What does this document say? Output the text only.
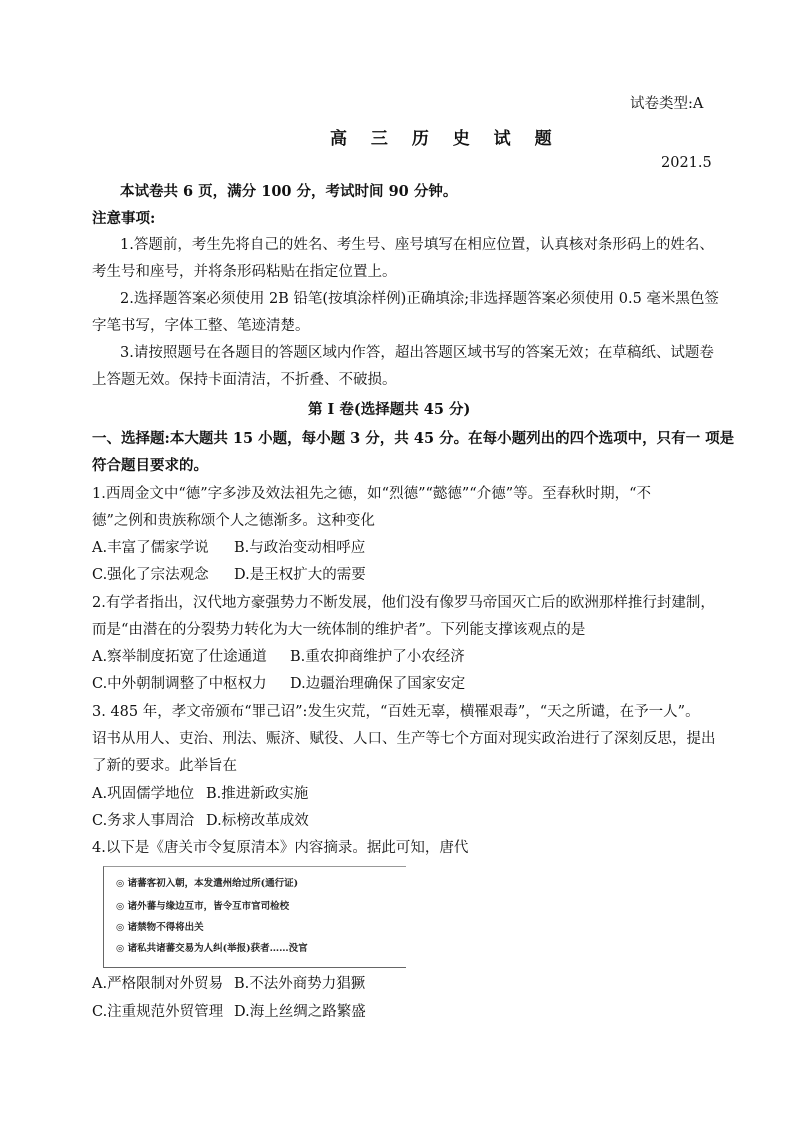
试卷类型:A
高 三 历 史 试 题
2021.5
本试卷共 6 页，满分 100 分，考试时间 90 分钟。
注意事项:
1.答题前，考生先将自己的姓名、考生号、座号填写在相应位置，认真核对条形码上的姓名、
考生号和座号，并将条形码粘贴在指定位置上。
2.选择题答案必须使用 2B 铅笔(按填涂样例)正确填涂;非选择题答案必须使用 0.5 毫米黑色签
字笔书写，字体工整、笔迹清楚。
3.请按照题号在各题目的答题区域内作答，超出答题区域书写的答案无效；在草稿纸、试题卷
上答题无效。保持卡面清洁，不折叠、不破损。
第 I 卷(选择题共 45 分)
一、选择题:本大题共 15 小题，每小题 3 分，共 45 分。在每小题列出的四个选项中，只有一 项是
符合题目要求的。
1.西周金文中“德”字多涉及效法祖先之德，如“烈德”“懿德”“介德”等。至春秋时期，“不
德”之例和贵族称颂个人之德渐多。这种变化
A.丰富了儒家学说 B.与政治变动相呼应
C.强化了宗法观念 D.是王权扩大的需要
2.有学者指出，汉代地方豪强势力不断发展，他们没有像罗马帝国灭亡后的欧洲那样推行封建制，
而是“由潜在的分裂势力转化为大一统体制的维护者”。下列能支撑该观点的是
A.察举制度拓宽了仕途通道 B.重农抑商维护了小农经济
C.中外朝制调整了中枢权力 D.边疆治理确保了国家安定
3. 485 年，孝文帝颁布“罪己诏”:发生灾荒，“百姓无辜，横罹艰毒”，“天之所谴，在予一人”。
诏书从用人、吏治、刑法、赈济、赋役、人口、生产等七个方面对现实政治进行了深刻反思，提出
了新的要求。此举旨在
A.巩固儒学地位 B.推进新政实施
C.务求人事周洽 D.标榜改革成效
4.以下是《唐关市令复原清本》内容摘录。据此可知，唐代
◎ 诸蕃客初入朝，本发遣州给过所(通行证)
◎ 诸外蕃与缘边互市，皆令互市官司检校
◎ 诸禁物不得将出关
◎ 诸私共诸蕃交易为人纠(举报)获者……没官
A.严格限制对外贸易 B.不法外商势力猖獗
C.注重规范外贸管理 D.海上丝绸之路繁盛
